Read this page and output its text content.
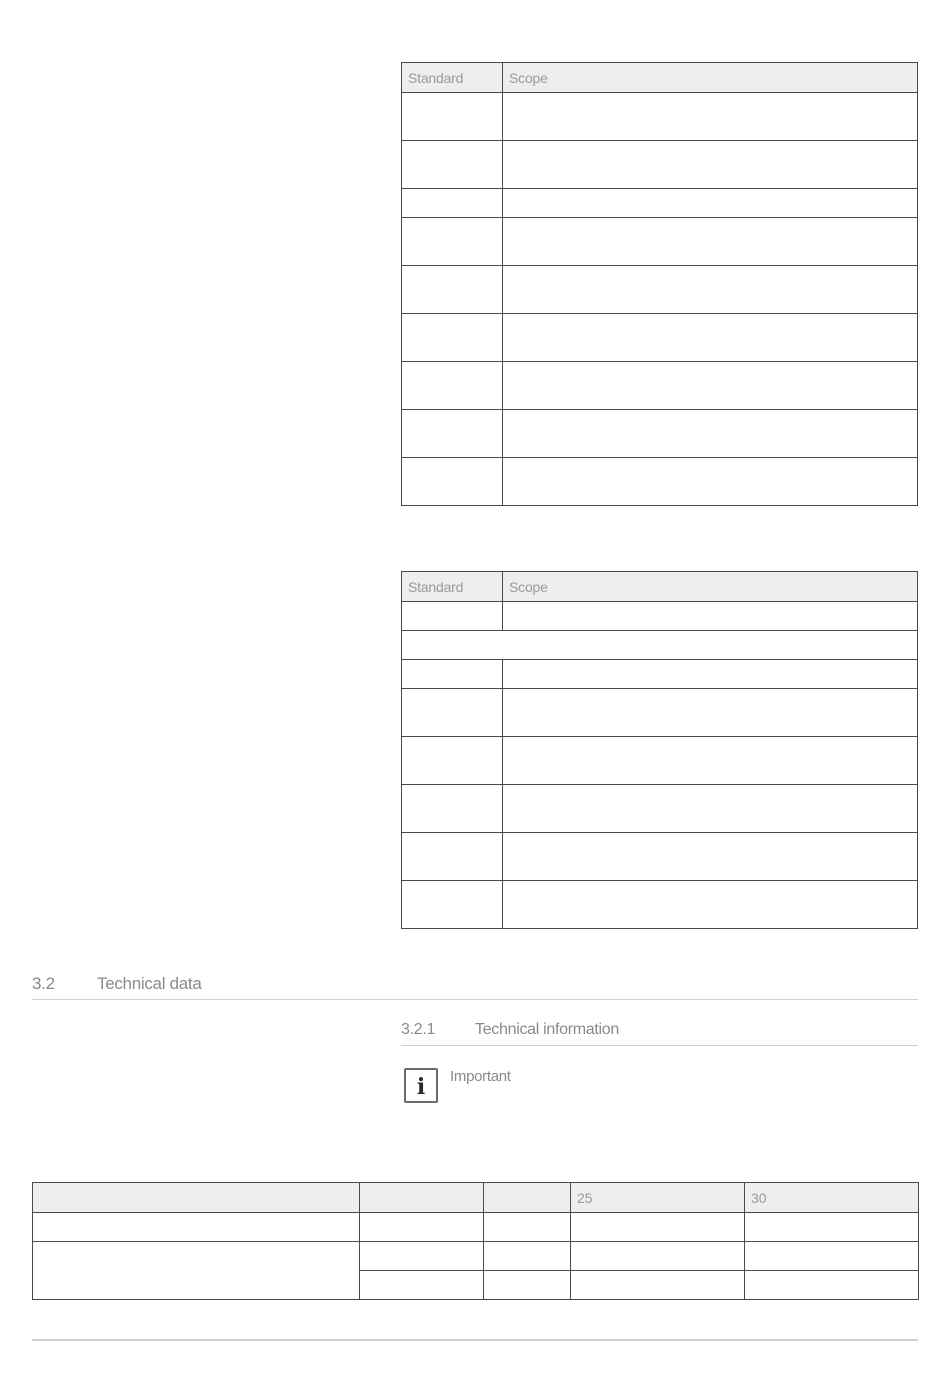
Standard	Scope

Standard	Scope

3.2 Technical data
3.2.1 Technical information
i	Important
			25	30
